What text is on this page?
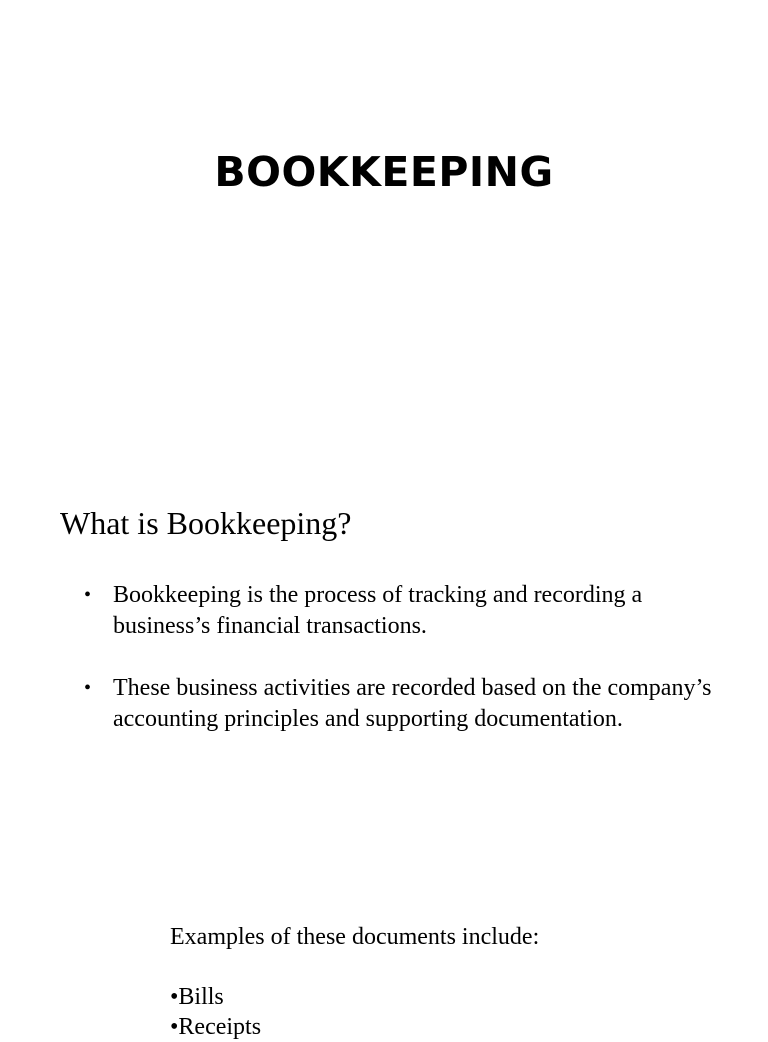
BOOKKEEPING
What is Bookkeeping?
• Bookkeeping is the process of tracking and recording a business’s financial transactions.
• These business activities are recorded based on the company’s accounting principles and supporting documentation.

Examples of these documents include:

•Bills
•Receipts
